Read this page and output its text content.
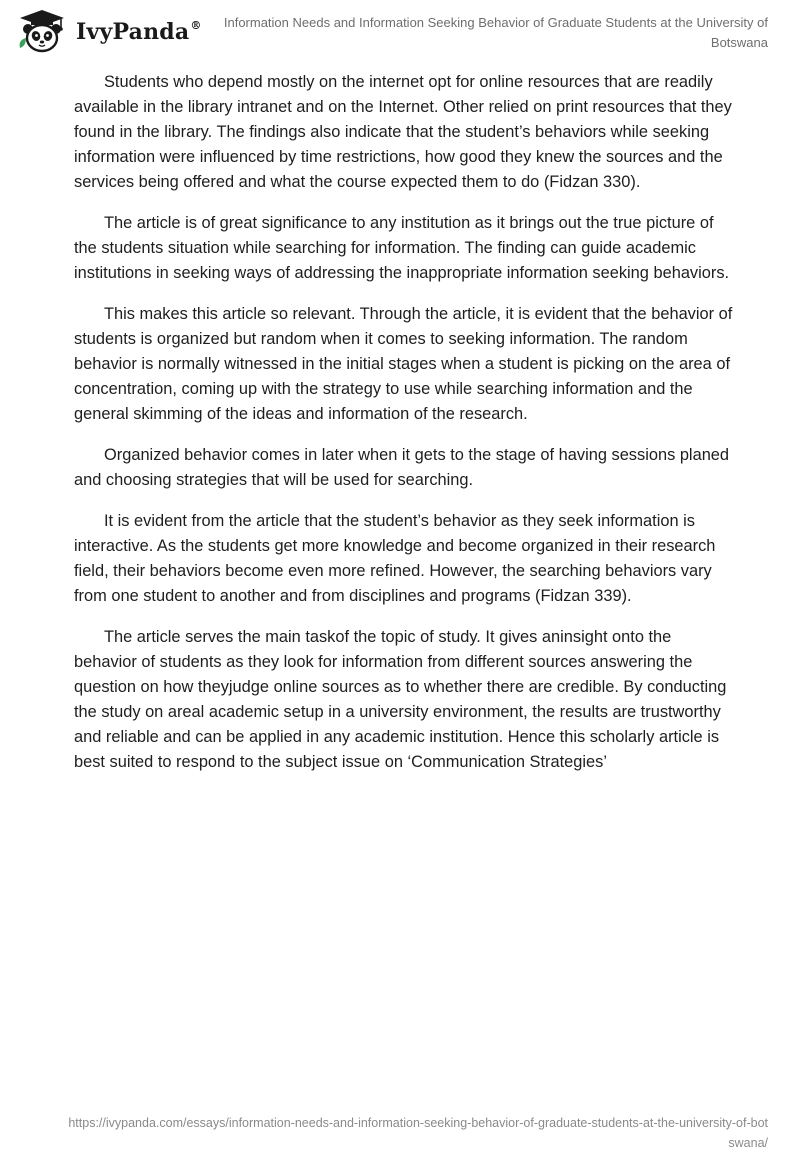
IvyPanda®	Information Needs and Information Seeking Behavior of Graduate Students at the University of Botswana

Students who depend mostly on the internet opt for online resources that are readily available in the library intranet and on the Internet. Other relied on print resources that they found in the library. The findings also indicate that the student’s behaviors while seeking information were influenced by time restrictions, how good they knew the sources and the services being offered and what the course expected them to do (Fidzan 330).

The article is of great significance to any institution as it brings out the true picture of the students situation while searching for information. The finding can guide academic institutions in seeking ways of addressing the inappropriate information seeking behaviors.

This makes this article so relevant. Through the article, it is evident that the behavior of students is organized but random when it comes to seeking information. The random behavior is normally witnessed in the initial stages when a student is picking on the area of concentration, coming up with the strategy to use while searching information and the general skimming of the ideas and information of the research.

Organized behavior comes in later when it gets to the stage of having sessions planed and choosing strategies that will be used for searching.

It is evident from the article that the student’s behavior as they seek information is interactive. As the students get more knowledge and become organized in their research field, their behaviors become even more refined. However, the searching behaviors vary from one student to another and from disciplines and programs (Fidzan 339).

The article serves the main taskof the topic of study. It gives aninsight onto the behavior of students as they look for information from different sources answering the question on how theyjudge online sources as to whether there are credible. By conducting the study on areal academic setup in a university environment, the results are trustworthy and reliable and can be applied in any academic institution. Hence this scholarly article is best suited to respond to the subject issue on ‘Communication Strategies’

https://ivypanda.com/essays/information-needs-and-information-seeking-behavior-of-graduate-students-at-the-university-of-botswana/
